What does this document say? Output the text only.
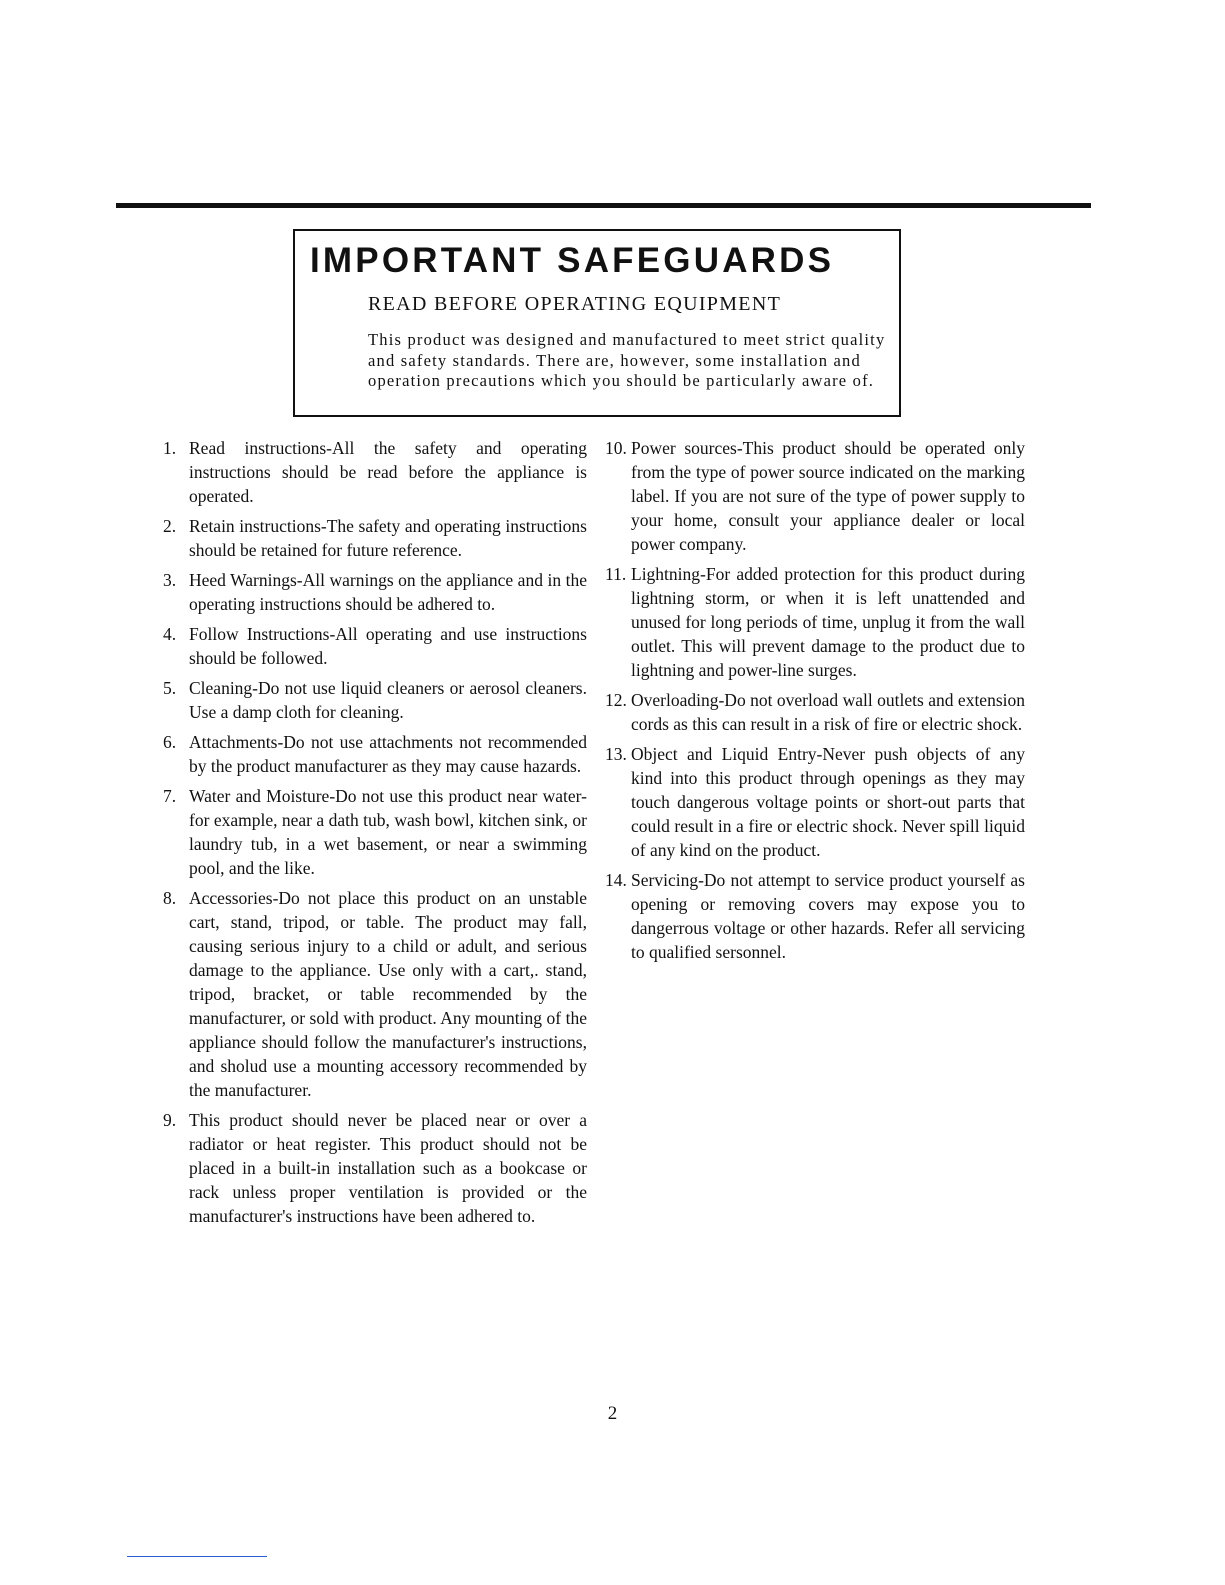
IMPORTANT SAFEGUARDS
READ BEFORE OPERATING EQUIPMENT

This product was designed and manufactured to meet strict quality and safety standards. There are, however, some installation and operation precautions which you should be particularly aware of.

1. Read instructions-All the safety and operating instructions should be read before the appliance is operated.
2. Retain instructions-The safety and operating instructions should be retained for future reference.
3. Heed Warnings-All warnings on the appliance and in the operating instructions should be adhered to.
4. Follow Instructions-All operating and use instructions should be followed.
5. Cleaning-Do not use liquid cleaners or aerosol cleaners. Use a damp cloth for cleaning.
6. Attachments-Do not use attachments not recommended by the product manufacturer as they may cause hazards.
7. Water and Moisture-Do not use this product near water-for example, near a dath tub, wash bowl, kitchen sink, or laundry tub, in a wet basement, or near a swimming pool, and the like.
8. Accessories-Do not place this product on an unstable cart, stand, tripod, or table. The product may fall, causing serious injury to a child or adult, and serious damage to the appliance. Use only with a cart,. stand, tripod, bracket, or table recommended by the manufacturer, or sold with product. Any mounting of the appliance should follow the manufacturer's instructions, and sholud use a mounting accessory recommended by the manufacturer.
9. This product should never be placed near or over a radiator or heat register. This product should not be placed in a built-in installation such as a bookcase or rack unless proper ventilation is provided or the manufacturer's instructions have been adhered to.
10. Power sources-This product should be operated only from the type of power source indicated on the marking label. If you are not sure of the type of power supply to your home, consult your appliance dealer or local power company.
11. Lightning-For added protection for this product during lightning storm, or when it is left unattended and unused for long periods of time, unplug it from the wall outlet. This will prevent damage to the product due to lightning and power-line surges.
12. Overloading-Do not overload wall outlets and extension cords as this can result in a risk of fire or electric shock.
13. Object and Liquid Entry-Never push objects of any kind into this product through openings as they may touch dangerous voltage points or short-out parts that could result in a fire or electric shock. Never spill liquid of any kind on the product.
14. Servicing-Do not attempt to service product yourself as opening or removing covers may expose you to dangerrous voltage or other hazards. Refer all servicing to qualified sersonnel.
2
